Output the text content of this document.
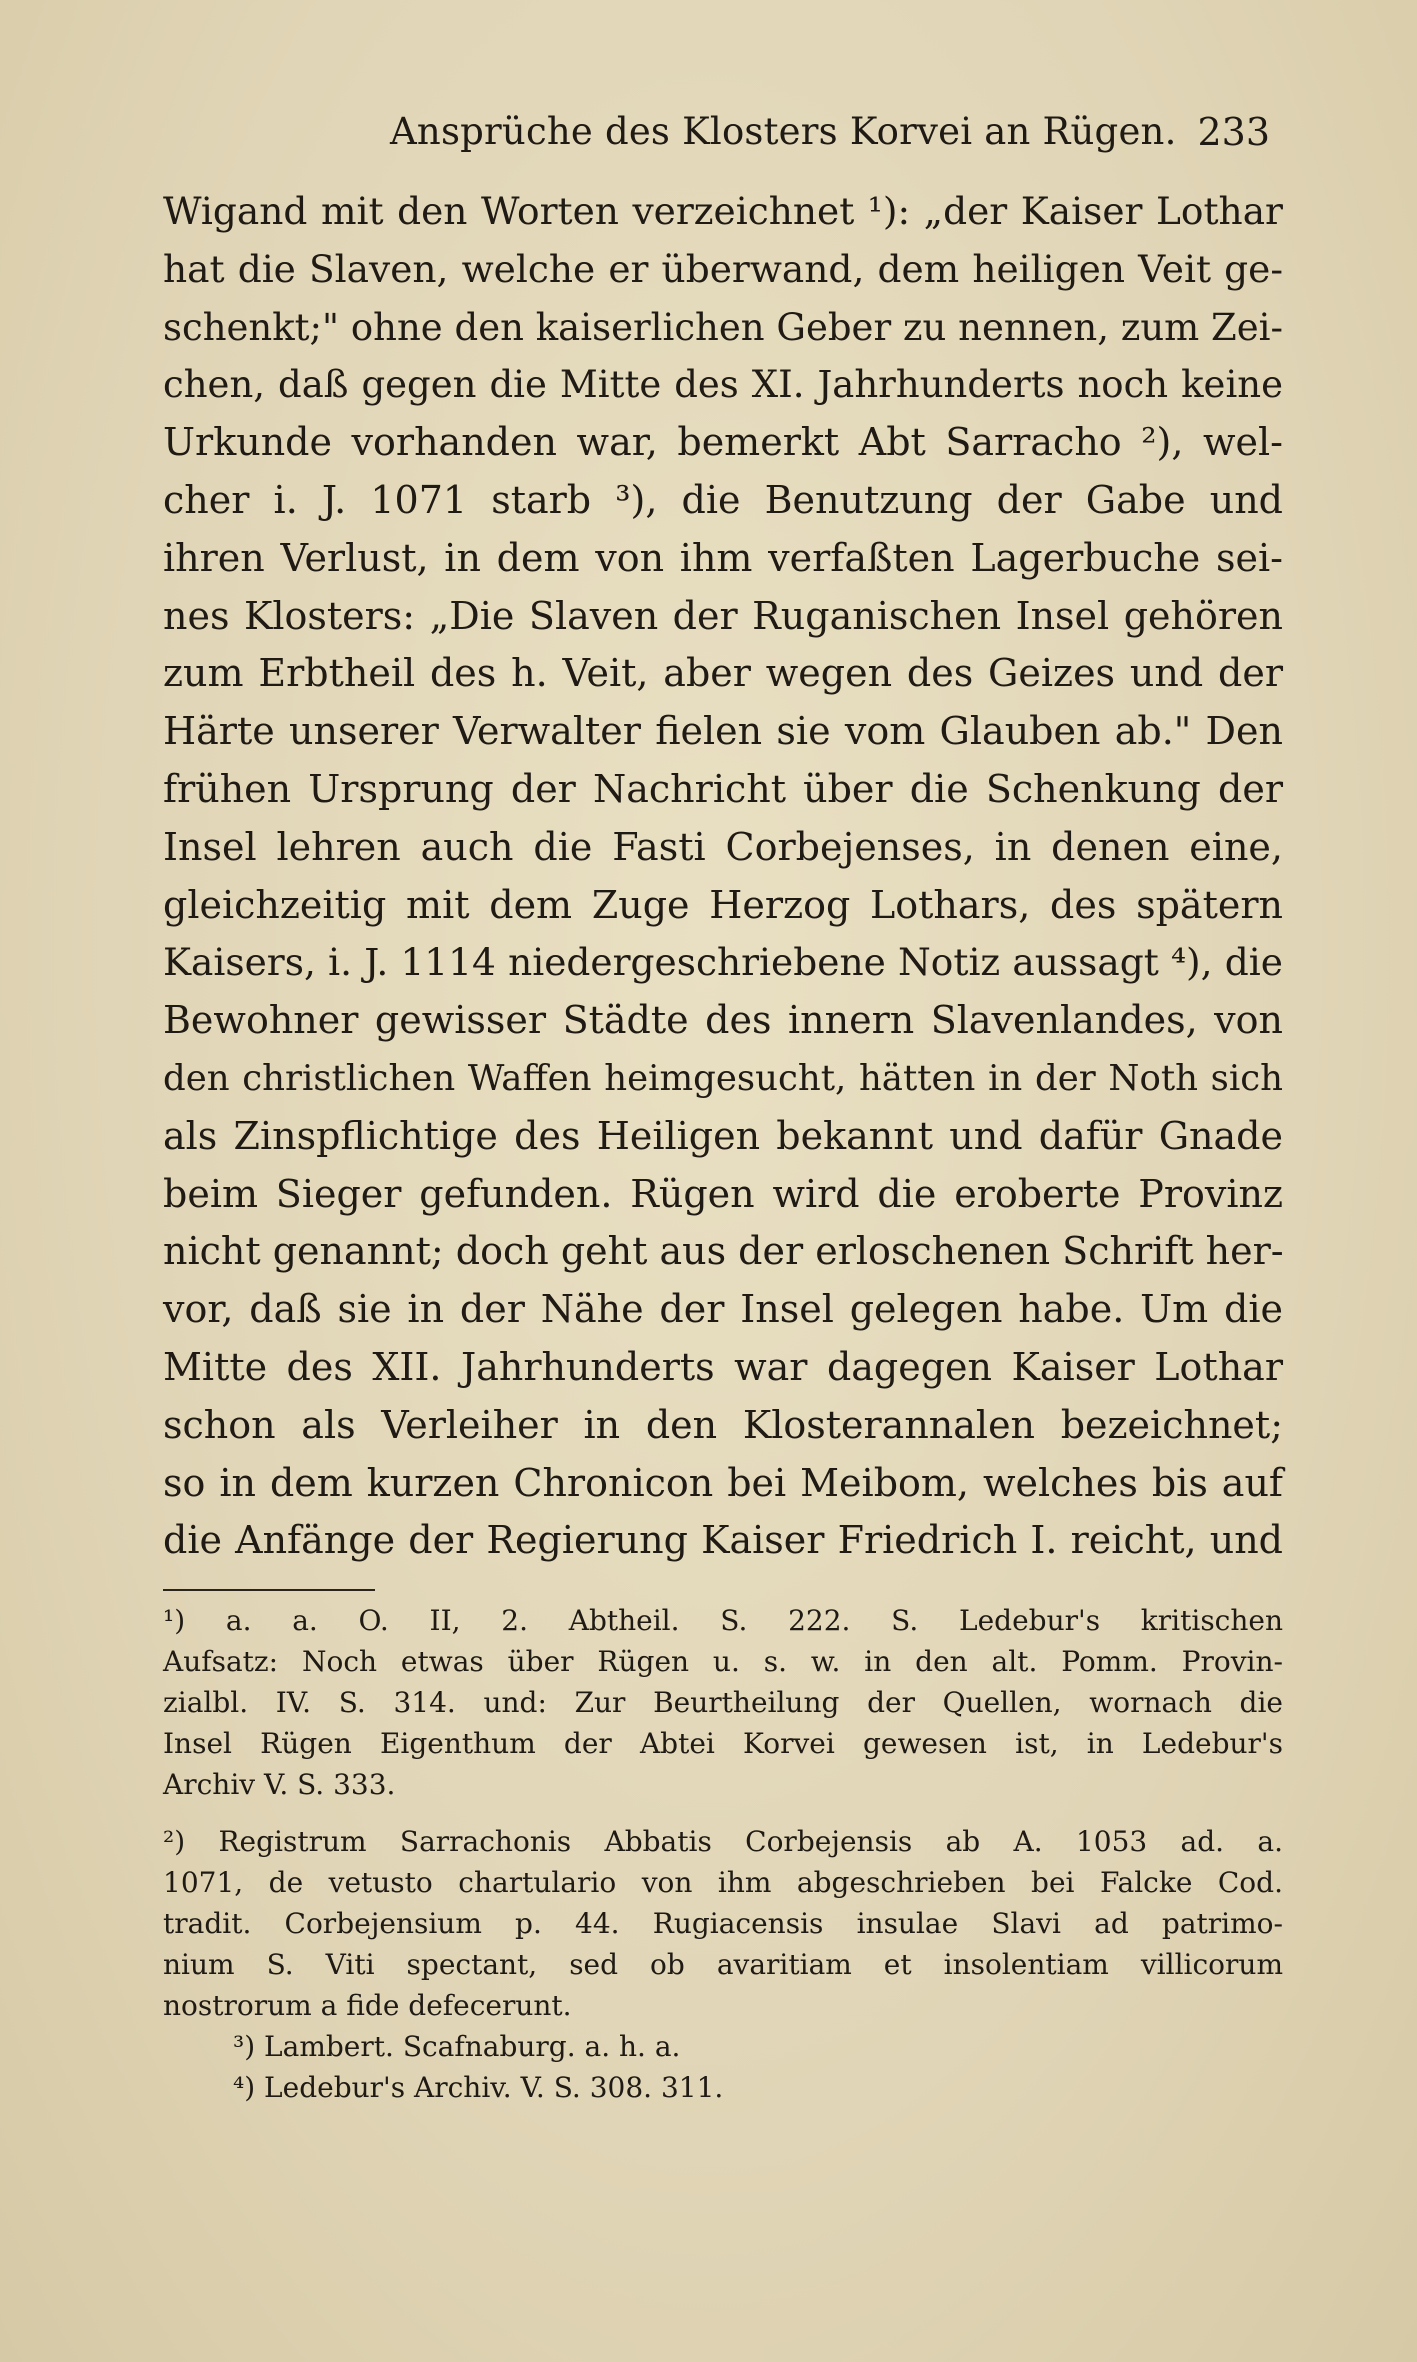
Ansprüche des Klosters Korvei an Rügen. 233
Wigand mit den Worten verzeichnet ¹): „der Kaiser Lothar
hat die Slaven, welche er überwand, dem heiligen Veit ge-
schenkt;" ohne den kaiserlichen Geber zu nennen, zum Zei-
chen, daß gegen die Mitte des XI. Jahrhunderts noch keine
Urkunde vorhanden war, bemerkt Abt Sarracho ²), wel-
cher i. J. 1071 starb ³), die Benutzung der Gabe und
ihren Verlust, in dem von ihm verfaßten Lagerbuche sei-
nes Klosters: „Die Slaven der Ruganischen Insel gehören
zum Erbtheil des h. Veit, aber wegen des Geizes und der
Härte unserer Verwalter fielen sie vom Glauben ab." Den
frühen Ursprung der Nachricht über die Schenkung der
Insel lehren auch die Fasti Corbejenses, in denen eine,
gleichzeitig mit dem Zuge Herzog Lothars, des spätern
Kaisers, i. J. 1114 niedergeschriebene Notiz aussagt ⁴), die
Bewohner gewisser Städte des innern Slavenlandes, von
den christlichen Waffen heimgesucht, hätten in der Noth sich
als Zinspflichtige des Heiligen bekannt und dafür Gnade
beim Sieger gefunden. Rügen wird die eroberte Provinz
nicht genannt; doch geht aus der erloschenen Schrift her-
vor, daß sie in der Nähe der Insel gelegen habe. Um die
Mitte des XII. Jahrhunderts war dagegen Kaiser Lothar
schon als Verleiher in den Klosterannalen bezeichnet;
so in dem kurzen Chronicon bei Meibom, welches bis auf
die Anfänge der Regierung Kaiser Friedrich I. reicht, und
¹) a. a. O. II, 2. Abtheil. S. 222. S. Ledebur's kritischen
Aufsatz: Noch etwas über Rügen u. s. w. in den alt. Pomm. Provin-
zialbl. IV. S. 314. und: Zur Beurtheilung der Quellen, wornach die
Insel Rügen Eigenthum der Abtei Korvei gewesen ist, in Ledebur's
Archiv V. S. 333.
²) Registrum Sarrachonis Abbatis Corbejensis ab A. 1053 ad. a.
1071, de vetusto chartulario von ihm abgeschrieben bei Falcke Cod.
tradit. Corbejensium p. 44. Rugiacensis insulae Slavi ad patrimo-
nium S. Viti spectant, sed ob avaritiam et insolentiam villicorum
nostrorum a fide defecerunt.
³) Lambert. Scafnaburg. a. h. a.
⁴) Ledebur's Archiv. V. S. 308. 311.
